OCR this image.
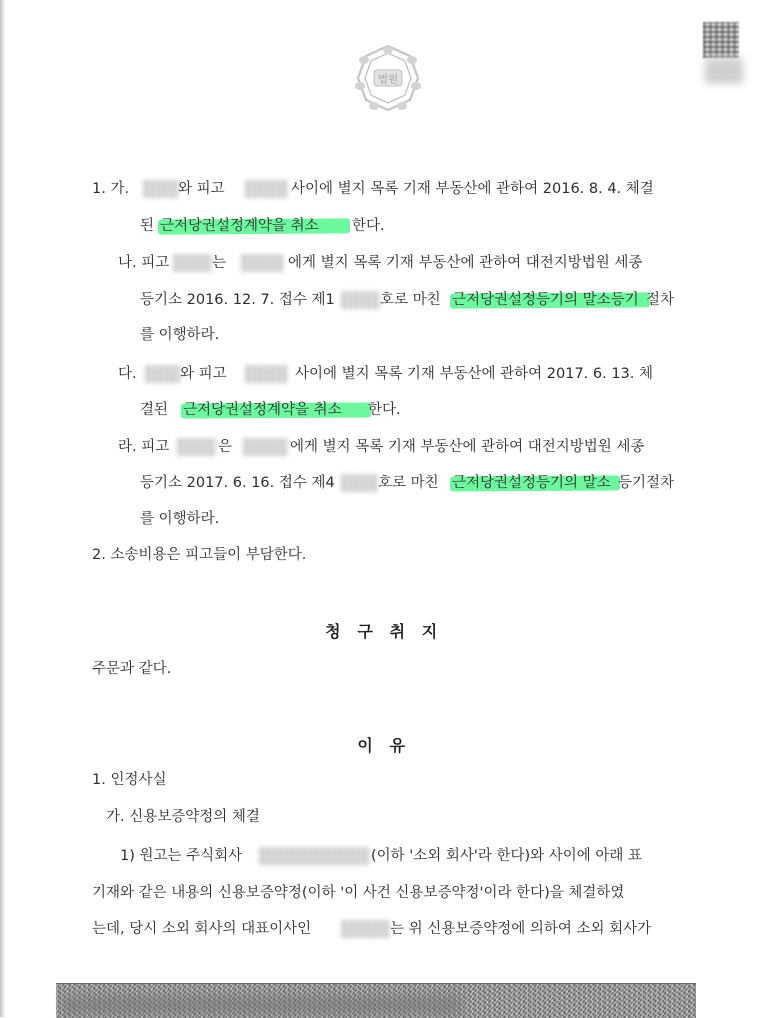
법원
1. 가.	와 피고	사이에 별지 목록 기재 부동산에 관하여 2016. 8. 4. 체결
된 근저당권설정계약을 취소 한다.
나. 피고	는	에게 별지 목록 기재 부동산에 관하여 대전지방법원 세종
등기소 2016. 12. 7. 접수 제1	호로 마친 근저당권설정등기의 말소등기 절차
를 이행하라.
다.	와 피고	사이에 별지 목록 기재 부동산에 관하여 2017. 6. 13. 체
결된 근저당권설정계약을 취소 한다.
라. 피고	은	에게 별지 목록 기재 부동산에 관하여 대전지방법원 세종
등기소 2017. 6. 16. 접수 제4	호로 마친 근저당권설정등기의 말소 등기절차
를 이행하라.
2. 소송비용은 피고들이 부담한다.
청 구 취 지
주문과 같다.
이 유
1. 인정사실
가. 신용보증약정의 체결
1) 원고는 주식회사	(이하 '소외 회사'라 한다)와 사이에 아래 표
기재와 같은 내용의 신용보증약정(이하 '이 사건 신용보증약정'이라 한다)을 체결하였
는데, 당시 소외 회사의 대표이사인	는 위 신용보증약정에 의하여 소외 회사가
